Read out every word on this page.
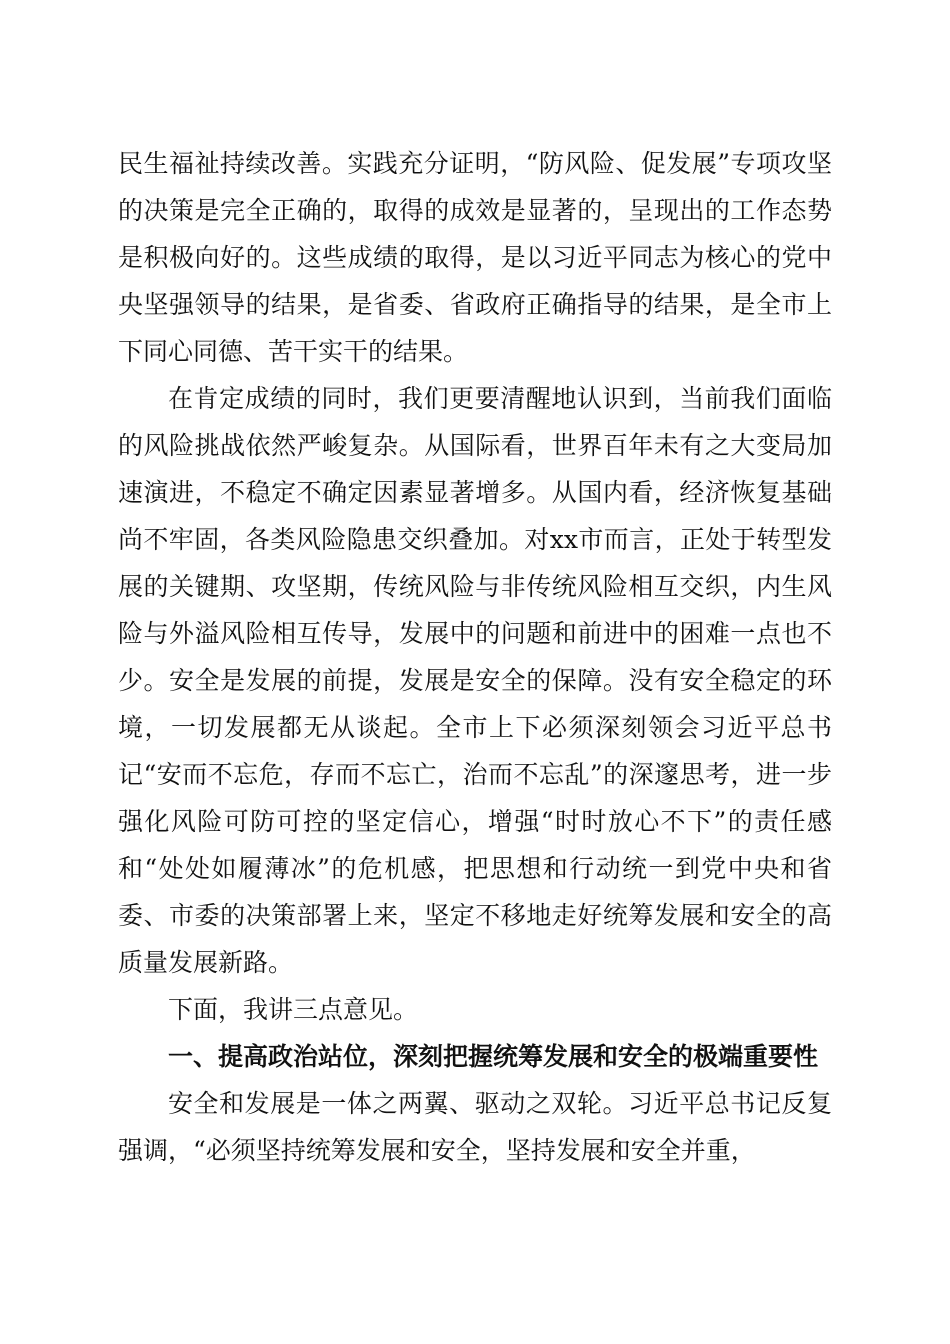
民生福祉持续改善。实践充分证明，“防风险、促发展”专项攻坚的决策是完全正确的，取得的成效是显著的，呈现出的工作态势是积极向好的。这些成绩的取得，是以习近平同志为核心的党中央坚强领导的结果，是省委、省政府正确指导的结果，是全市上下同心同德、苦干实干的结果。

在肯定成绩的同时，我们更要清醒地认识到，当前我们面临的风险挑战依然严峻复杂。从国际看，世界百年未有之大变局加速演进，不稳定不确定因素显著增多。从国内看，经济恢复基础尚不牢固，各类风险隐患交织叠加。对xx市而言，正处于转型发展的关键期、攻坚期，传统风险与非传统风险相互交织，内生风险与外溢风险相互传导，发展中的问题和前进中的困难一点也不少。安全是发展的前提，发展是安全的保障。没有安全稳定的环境，一切发展都无从谈起。全市上下必须深刻领会习近平总书记“安而不忘危，存而不忘亡，治而不忘乱”的深邃思考，进一步强化风险可防可控的坚定信心，增强“时时放心不下”的责任感和“处处如履薄冰”的危机感，把思想和行动统一到党中央和省委、市委的决策部署上来，坚定不移地走好统筹发展和安全的高质量发展新路。

下面，我讲三点意见。

一、提高政治站位，深刻把握统筹发展和安全的极端重要性

安全和发展是一体之两翼、驱动之双轮。习近平总书记反复强调，“必须坚持统筹发展和安全，坚持发展和安全并重，
